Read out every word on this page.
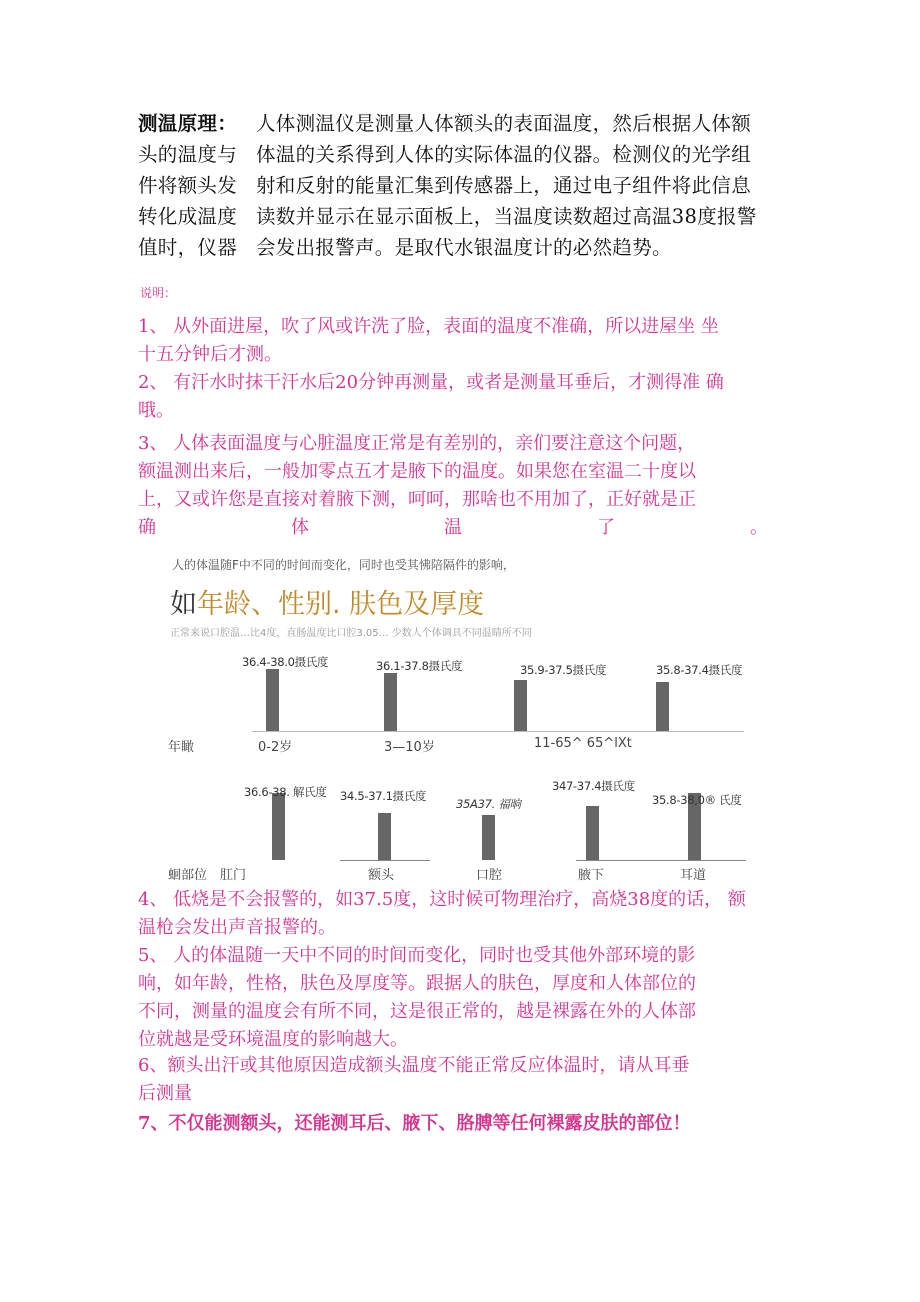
测温原理： 人体测温仪是测量人体额头的表面温度，然后根据人体额
头的温度与 体温的关系得到人体的实际体温的仪器。检测仪的光学组
件将额头发 射和反射的能量汇集到传感器上，通过电子组件将此信息
转化成温度 读数并显示在显示面板上，当温度读数超过高温38度报警
值时，仪器 会发出报警声。是取代水银温度计的必然趋势。
说明：
1、 从外面进屋，吹了风或许洗了脸，表面的温度不准确，所以进屋坐 坐
十五分钟后才测。
2、 有汗水时抹干汗水后20分钟再测量，或者是测量耳垂后，才测得准 确
哦。
3、 人体表面温度与心脏温度正常是有差别的，亲们要注意这个问题，
额温测出来后，一般加零点五才是腋下的温度。如果您在室温二十度以
上，又或许您是直接对着腋下测，呵呵，那啥也不用加了，正好就是正
确	体	温	了	。
人的体温随F中不同的时间而变化，同时也受其怫陪隔件的影响，
如年龄、性别. 肤色及厚度
正常来说口腔温…比4度，直肠温度比口腔3.05… 少数人个体调具不同温睛所不同
年瞰
36.4-38.0摄氏度
0-2岁
36.1-37.8摄氏度
3—10岁
35.9-37.5摄氏度
11-65^ 65^lXt
35.8-37.4摄氏度
蛔部位
36.6-38. 解氏度
肛门
34.5-37.1摄氏度
额头
35A37. 福晌
口腔
347-37.4摄氏度
腋下
35.8-38,0® 氏度
耳道
4、 低烧是不会报警的，如37.5度，这时候可物理治疗，高烧38度的话， 额
温枪会发出声音报警的。
5、 人的体温随一天中不同的时间而变化，同时也受其他外部环境的影
响，如年龄，性格，肤色及厚度等。跟据人的肤色，厚度和人体部位的
不同，测量的温度会有所不同，这是很正常的，越是裸露在外的人体部
位就越是受环境温度的影响越大。
6、额头出汗或其他原因造成额头温度不能正常反应体温时，请从耳垂
后测量
7、不仅能测额头，还能测耳后、腋下、胳膊等任何裸露皮肤的部位！
